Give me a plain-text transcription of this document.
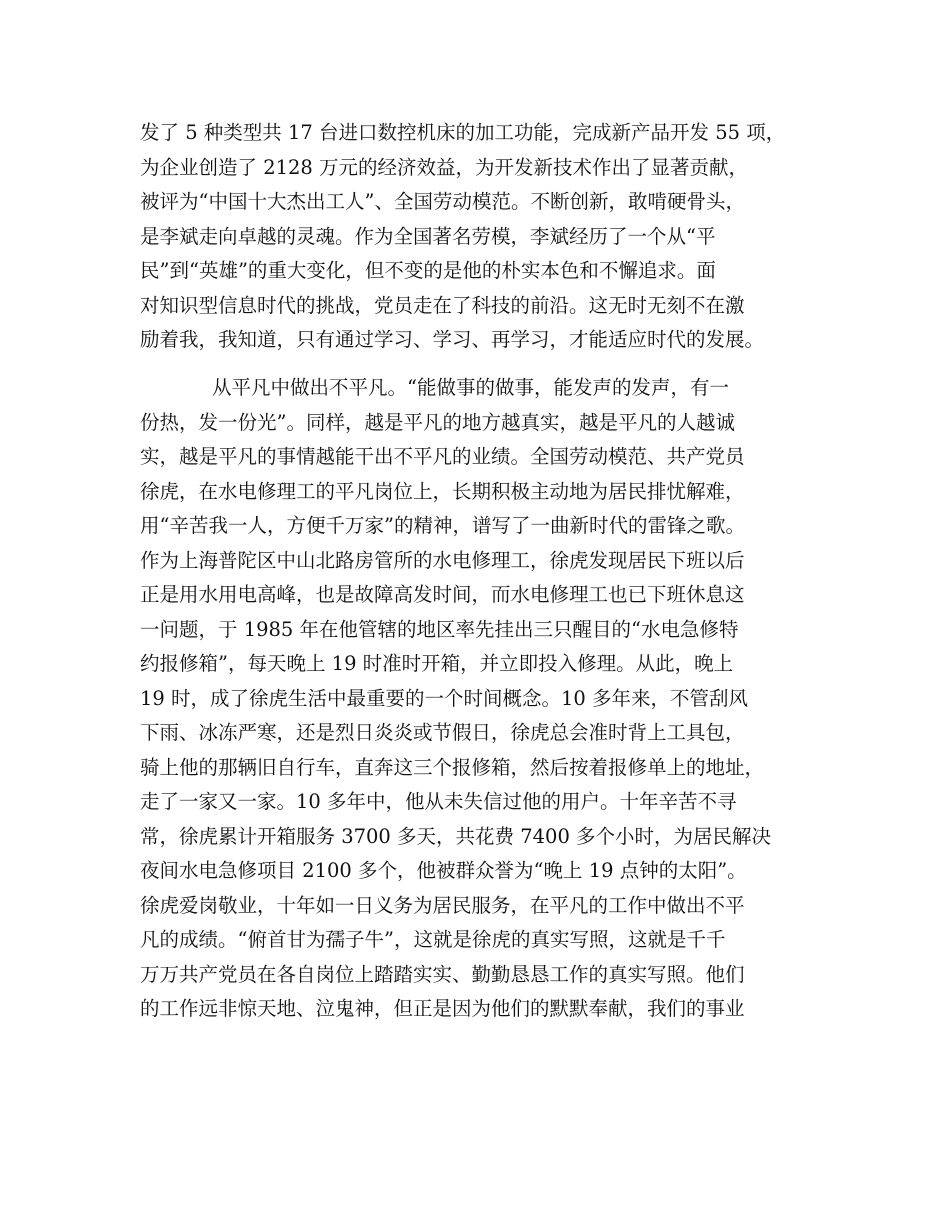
发了 5 种类型共 17 台进口数控机床的加工功能，完成新产品开发 55 项，
为企业创造了 2128 万元的经济效益，为开发新技术作出了显著贡献，
被评为“中国十大杰出工人”、全国劳动模范。不断创新，敢啃硬骨头，
是李斌走向卓越的灵魂。作为全国著名劳模，李斌经历了一个从“平
民”到“英雄”的重大变化，但不变的是他的朴实本色和不懈追求。面
对知识型信息时代的挑战，党员走在了科技的前沿。这无时无刻不在激
励着我，我知道，只有通过学习、学习、再学习，才能适应时代的发展。
从平凡中做出不平凡。“能做事的做事，能发声的发声，有一
份热，发一份光”。同样，越是平凡的地方越真实，越是平凡的人越诚
实，越是平凡的事情越能干出不平凡的业绩。全国劳动模范、共产党员
徐虎，在水电修理工的平凡岗位上，长期积极主动地为居民排忧解难，
用“辛苦我一人，方便千万家”的精神，谱写了一曲新时代的雷锋之歌。
作为上海普陀区中山北路房管所的水电修理工，徐虎发现居民下班以后
正是用水用电高峰，也是故障高发时间，而水电修理工也已下班休息这
一问题，于 1985 年在他管辖的地区率先挂出三只醒目的“水电急修特
约报修箱”，每天晚上 19 时准时开箱，并立即投入修理。从此，晚上
19 时，成了徐虎生活中最重要的一个时间概念。10 多年来，不管刮风
下雨、冰冻严寒，还是烈日炎炎或节假日，徐虎总会准时背上工具包，
骑上他的那辆旧自行车，直奔这三个报修箱，然后按着报修单上的地址，
走了一家又一家。10 多年中，他从未失信过他的用户。十年辛苦不寻
常，徐虎累计开箱服务 3700 多天，共花费 7400 多个小时，为居民解决
夜间水电急修项目 2100 多个，他被群众誉为“晚上 19 点钟的太阳”。
徐虎爱岗敬业，十年如一日义务为居民服务，在平凡的工作中做出不平
凡的成绩。“俯首甘为孺子牛”，这就是徐虎的真实写照，这就是千千
万万共产党员在各自岗位上踏踏实实、勤勤恳恳工作的真实写照。他们
的工作远非惊天地、泣鬼神，但正是因为他们的默默奉献，我们的事业
